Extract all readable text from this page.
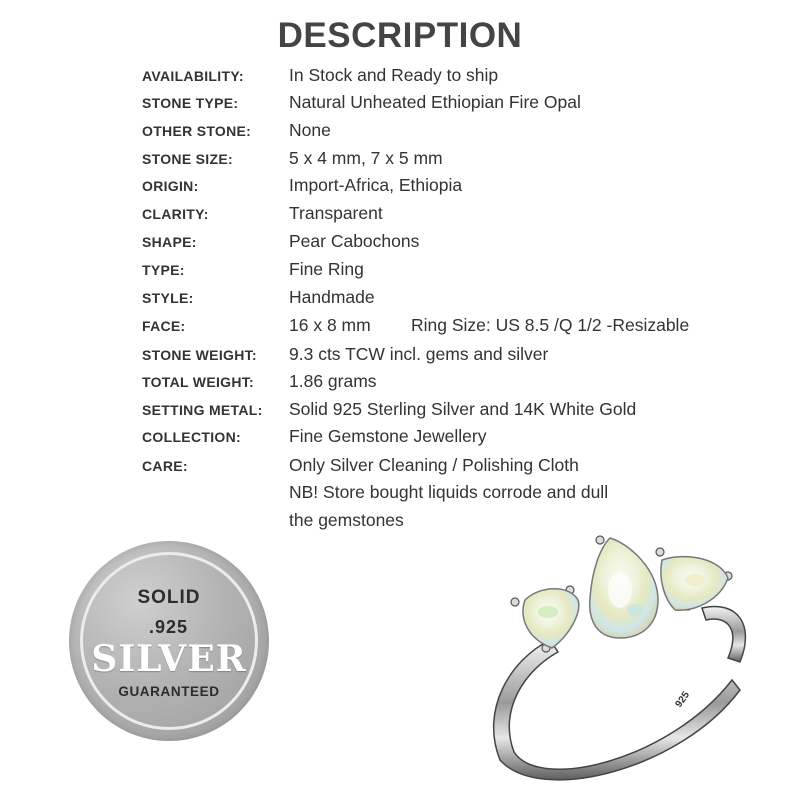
DESCRIPTION
AVAILABILITY:	In Stock and Ready to ship
STONE TYPE:	Natural Unheated Ethiopian Fire Opal
OTHER STONE: None
STONE SIZE:	5 x 4 mm, 7 x 5 mm
ORIGIN:	Import-Africa, Ethiopia
CLARITY:	Transparent
SHAPE:	Pear Cabochons
TYPE:	Fine Ring
STYLE:	Handmade
FACE:	16 x 8 mm Ring Size: US 8.5 /Q 1/2 -Resizable
STONE WEIGHT: 9.3 cts TCW incl. gems and silver
TOTAL WEIGHT: 1.86 grams
SETTING METAL: Solid 925 Sterling Silver and 14K White Gold
COLLECTION:	Fine Gemstone Jewellery
CARE:	Only Silver Cleaning / Polishing Cloth
NB! Store bought liquids corrode and dull
the gemstones
SOLID
.925
SILVER
GUARANTEED	925
